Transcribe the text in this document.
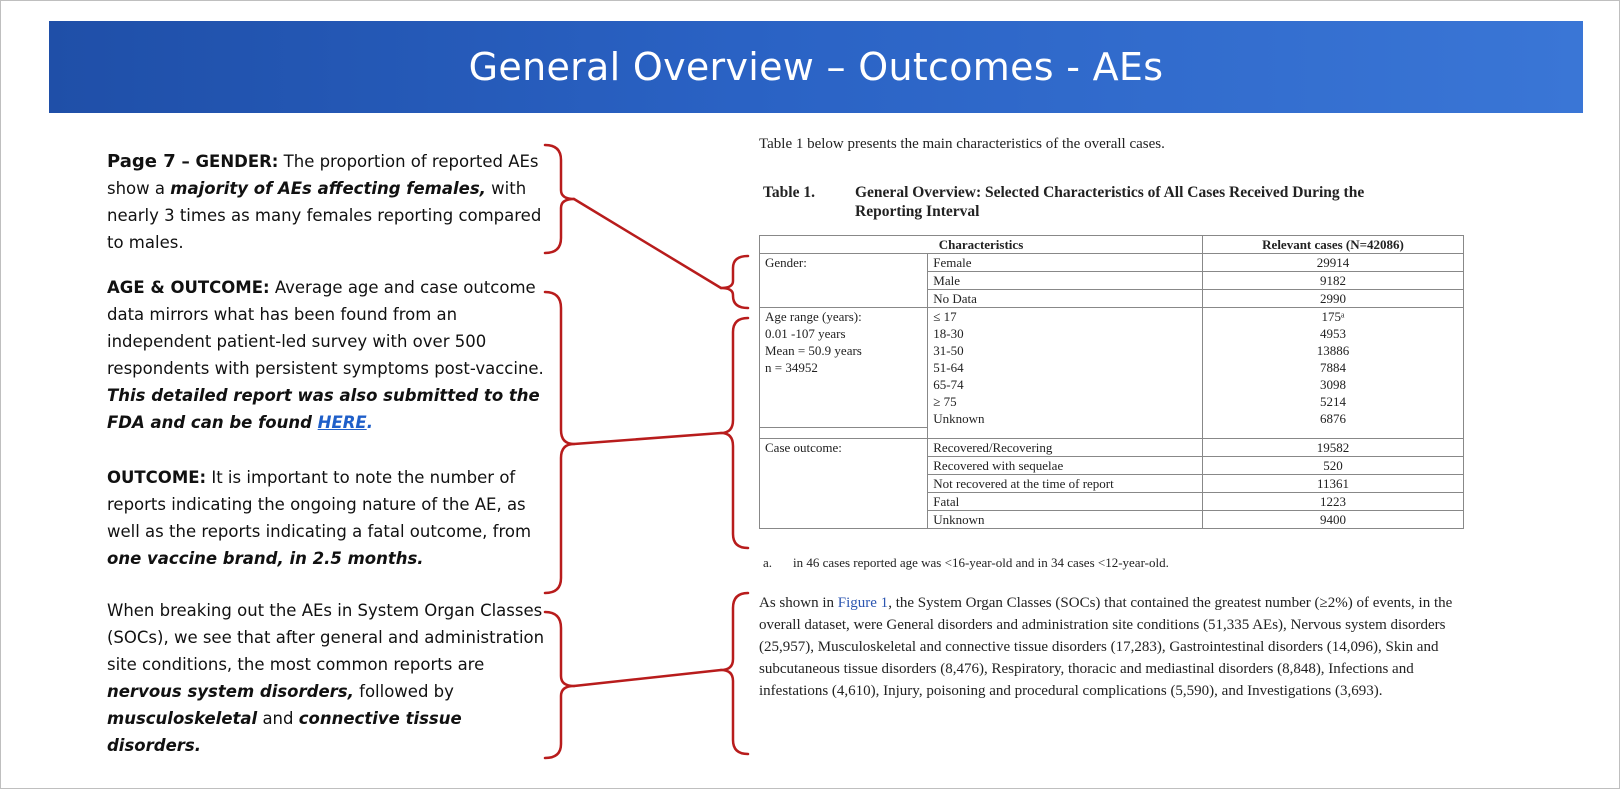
General Overview – Outcomes - AEs
Page 7 – GENDER: The proportion of reported AEs show a majority of AEs affecting females, with nearly 3 times as many females reporting compared to males.
AGE & OUTCOME: Average age and case outcome data mirrors what has been found from an independent patient-led survey with over 500 respondents with persistent symptoms post-vaccine. This detailed report was also submitted to the FDA and can be found HERE.
OUTCOME: It is important to note the number of reports indicating the ongoing nature of the AE, as well as the reports indicating a fatal outcome, from one vaccine brand, in 2.5 months.
When breaking out the AEs in System Organ Classes (SOCs), we see that after general and administration site conditions, the most common reports are nervous system disorders, followed by musculoskeletal and connective tissue disorders.
Table 1 below presents the main characteristics of the overall cases.
Table 1.	General Overview: Selected Characteristics of All Cases Received During the Reporting Interval
Characteristics		Relevant cases (N=42086)
Gender:	Female	29914
	Male	9182
	No Data	2990

Age range (years):
0.01 -107 years
Mean = 50.9 years
n = 34952	≤ 17	175ᵃ
	18-30	4953
	31-50	13886
	51-64	7884
	65-74	3098
	≥ 75	5214
	Unknown	6876

Case outcome:	Recovered/Recovering	19582
	Recovered with sequelae	520
	Not recovered at the time of report	11361
	Fatal	1223
	Unknown	9400
a. in 46 cases reported age was <16-year-old and in 34 cases <12-year-old.
As shown in Figure 1, the System Organ Classes (SOCs) that contained the greatest number (≥2%) of events, in the overall dataset, were General disorders and administration site conditions (51,335 AEs), Nervous system disorders (25,957), Musculoskeletal and connective tissue disorders (17,283), Gastrointestinal disorders (14,096), Skin and subcutaneous tissue disorders (8,476), Respiratory, thoracic and mediastinal disorders (8,848), Infections and infestations (4,610), Injury, poisoning and procedural complications (5,590), and Investigations (3,693).
